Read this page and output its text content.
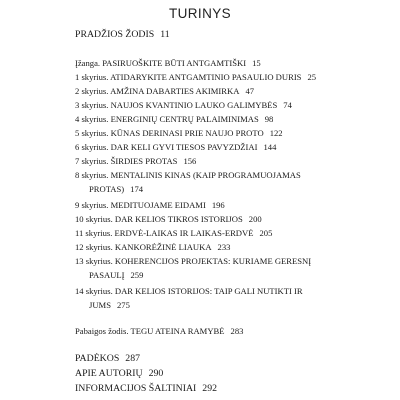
TURINYS
PRADŽIOS ŽODIS 11
Įžanga. PASIRUOŠKITE BŪTI ANTGAMTIŠKI 15
1 skyrius. ATIDARYKITE ANTGAMTINIO PASAULIO DURIS 25
2 skyrius. AMŽINA DABARTIES AKIMIRKA 47
3 skyrius. NAUJOS KVANTINIO LAUKO GALIMYBĖS 74
4 skyrius. ENERGINIŲ CENTRŲ PALAIMINIMAS 98
5 skyrius. KŪNAS DERINASI PRIE NAUJO PROTO 122
6 skyrius. DAR KELI GYVI TIESOS PAVYZDŽIAI 144
7 skyrius. ŠIRDIES PROTAS 156
8 skyrius. MENTALINIS KINAS (KAIP PROGRAMUOJAMAS
PROTAS) 174
9 skyrius. MEDITUOJAME EIDAMI 196
10 skyrius. DAR KELIOS TIKROS ISTORIJOS 200
11 skyrius. ERDVĖ-LAIKAS IR LAIKAS-ERDVĖ 205
12 skyrius. KANKORĖŽINĖ LIAUKA 233
13 skyrius. KOHERENCIJOS PROJEKTAS: KURIAME GERESNĮ
PASAULĮ 259
14 skyrius. DAR KELIOS ISTORIJOS: TAIP GALI NUTIKTI IR
JUMS 275
Pabaigos žodis. TEGU ATEINA RAMYBĖ 283
PADĖKOS 287
APIE AUTORIŲ 290
INFORMACIJOS ŠALTINIAI 292
